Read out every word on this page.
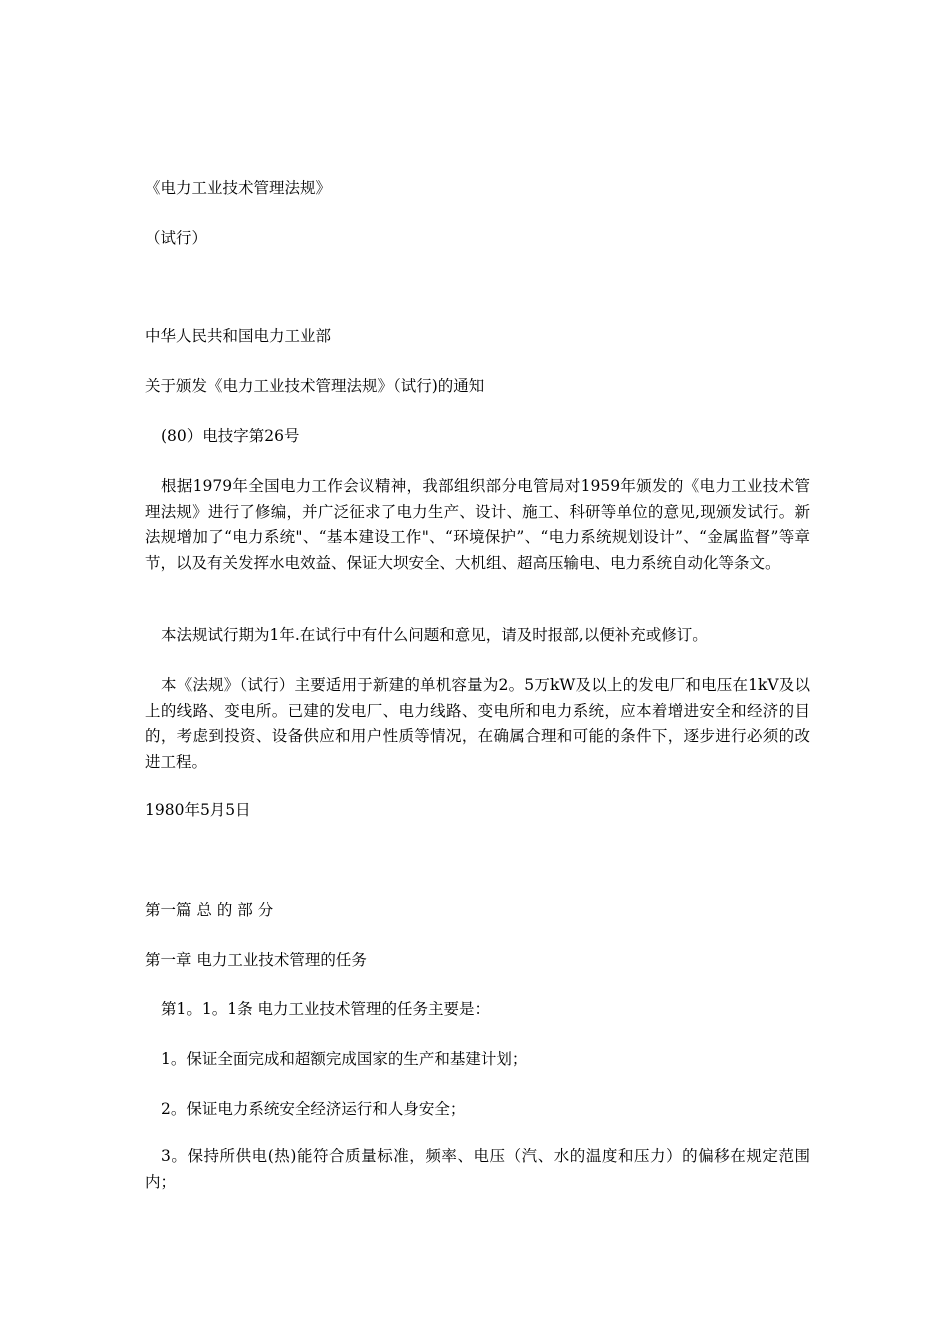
《电力工业技术管理法规》
（试行）
中华人民共和国电力工业部
关于颁发《电力工业技术管理法规》（试行)的通知
(80）电技字第26号
根据1979年全国电力工作会议精神，我部组织部分电管局对1959年颁发的《电力工业技术管理法规》进行了修编，并广泛征求了电力生产、设计、施工、科研等单位的意见,现颁发试行。新法规增加了“电力系统"、“基本建设工作"、“环境保护”、“电力系统规划设计”、“金属监督”等章节，以及有关发挥水电效益、保证大坝安全、大机组、超高压输电、电力系统自动化等条文。
本法规试行期为1年.在试行中有什么问题和意见，请及时报部,以便补充或修订。
本《法规》（试行）主要适用于新建的单机容量为2。5万kW及以上的发电厂和电压在1kV及以上的线路、变电所。已建的发电厂、电力线路、变电所和电力系统，应本着增进安全和经济的目的，考虑到投资、设备供应和用户性质等情况，在确属合理和可能的条件下，逐步进行必须的改进工程。
1980年5月5日
第一篇 总 的 部 分
第一章 电力工业技术管理的任务
第1。1。1条 电力工业技术管理的任务主要是：
1。保证全面完成和超额完成国家的生产和基建计划；
2。保证电力系统安全经济运行和人身安全；
3。保持所供电(热)能符合质量标准，频率、电压（汽、水的温度和压力）的偏移在规定范围内；
